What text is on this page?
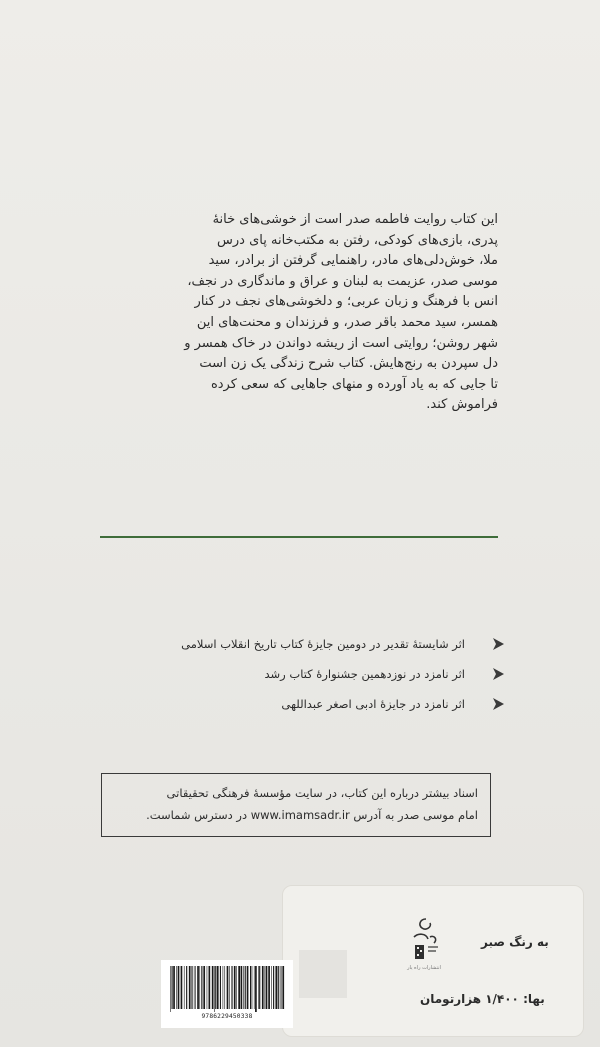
این کتاب روایت فاطمه صدر است از خوشی‌های خانهٔ
پدری، بازی‌های کودکی، رفتن به مکتب‌خانه پای درس
ملا، خوش‌دلی‌های مادر، راهنمایی گرفتن از برادر، سید
موسی صدر، عزیمت به لبنان و عراق و ماندگاری در نجف،
انس با فرهنگ و زبان عربی؛ و دلخوشی‌های نجف در کنار
همسر، سید محمد باقر صدر، و فرزندان و محنت‌های این
شهر روشن؛ روایتی است از ریشه دواندن در خاک همسر و
دل سپردن به رنج‌هایش. کتاب شرح زندگی یک زن است
تا جایی که به یاد آورده و منهای جاهایی که سعی کرده
فراموش کند.
اثر شایستهٔ تقدیر در دومین جایزهٔ کتاب تاریخ انقلاب اسلامی
اثر نامزد در نوزدهمین جشنوارهٔ کتاب رشد
اثر نامزد در جایزهٔ ادبی اصغر عبداللهی
اسناد بیشتر درباره این کتاب، در سایت مؤسسهٔ فرهنگی تحقیقاتی
امام موسی صدر به آدرس www.imamsadr.ir در دسترس شماست.
به رنگ صبر
انتشارات راه یار
بها: ۱/۴۰۰ هزارتومان
9786229450338
